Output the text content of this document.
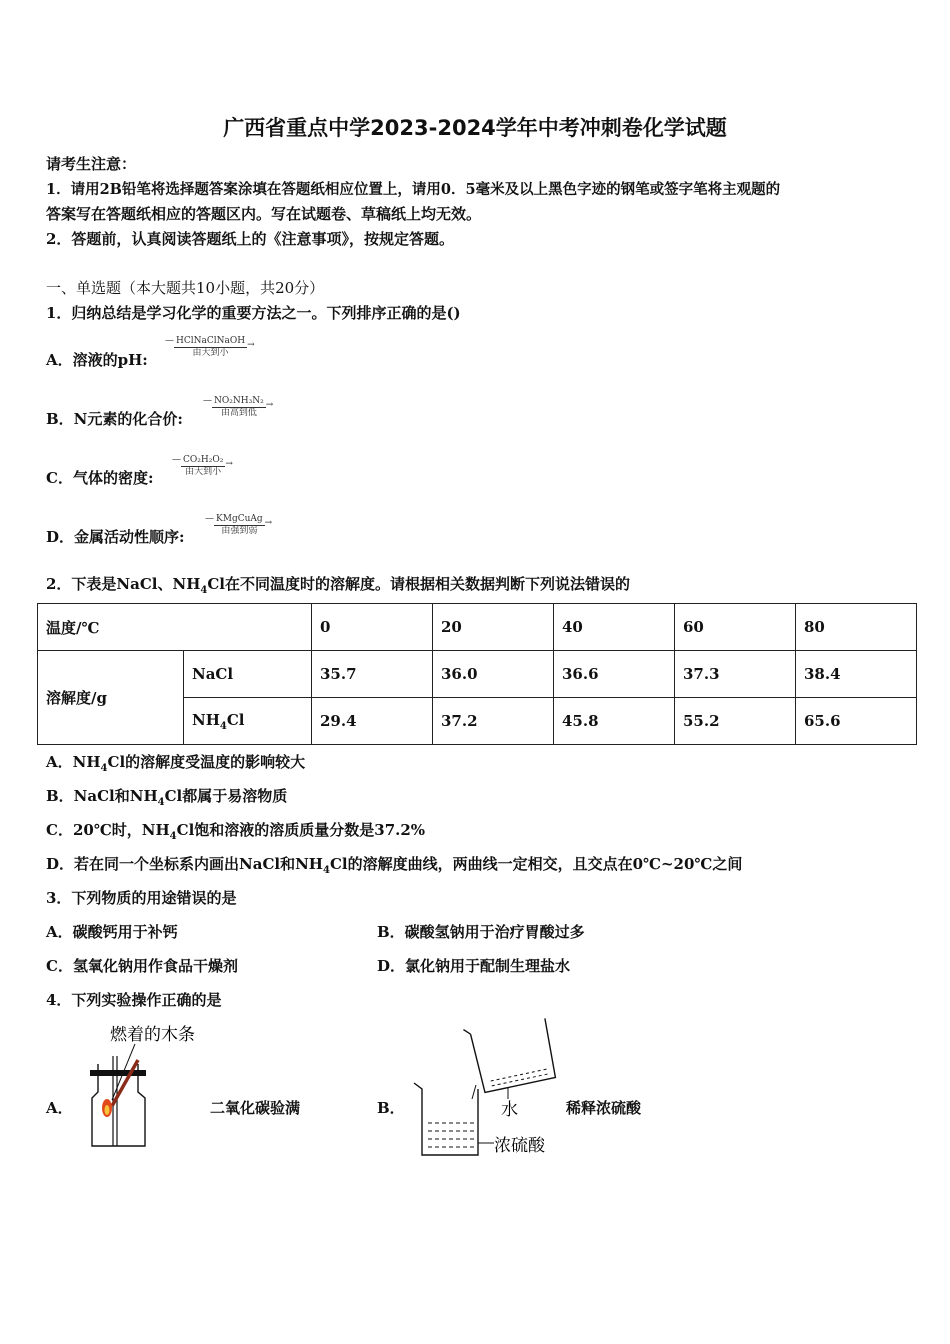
广西省重点中学2023-2024学年中考冲刺卷化学试题
请考生注意：
1．请用2B铅笔将选择题答案涂填在答题纸相应位置上，请用0．5毫米及以上黑色字迹的钢笔或签字笔将主观题的
答案写在答题纸相应的答题区内。写在试题卷、草稿纸上均无效。
2．答题前，认真阅读答题纸上的《注意事项》，按规定答题。
一、单选题（本大题共10小题，共20分）
1．归纳总结是学习化学的重要方法之一。下列排序正确的是()
A．溶液的pH:
— HClNaClNaOH
由大到小
→
B．N元素的化合价:
— NO₂NH₃N₂
由高到低
→
C．气体的密度:
— CO₂H₂O₂
由大到小
→
D．金属活动性顺序:
— KMgCuAg
由强到弱
→
2．下表是NaCl、$NH_4Cl$在不同温度时的溶解度。请根据相关数据判断下列说法错误的
温度/℃		0	20	40	60	80
溶解度/g	NaCl	35.7	36.0	36.6	37.3	38.4
	$NH_4Cl$	29.4	37.2	45.8	55.2	65.6
A．$NH_4Cl$的溶解度受温度的影响较大
B．NaCl和$NH_4Cl$都属于易溶物质
C．20℃时，$NH_4Cl$饱和溶液的溶质质量分数是37.2%
D．若在同一个坐标系内画出NaCl和$NH_4Cl$的溶解度曲线，两曲线一定相交，且交点在0℃~20℃之间
3．下列物质的用途错误的是
A．碳酸钙用于补钙	B．碳酸氢钠用于治疗胃酸过多
C．氢氧化钠用作食品干燥剂	D．氯化钠用于配制生理盐水
4．下列实验操作正确的是
A．
燃着的木条
二氧化碳验满	B．	水
浓硫酸
稀释浓硫酸
